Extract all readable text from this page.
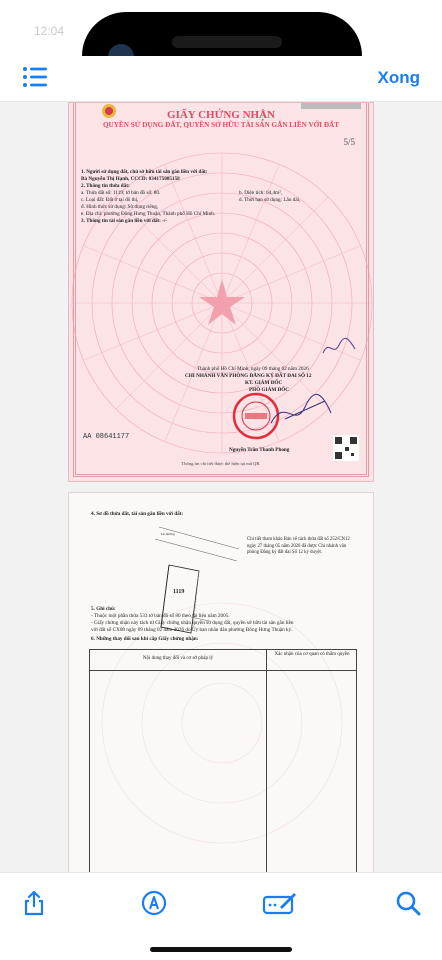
12:04
Xong
GIẤY CHỨNG NHẬN
QUYỀN SỬ DỤNG ĐẤT, QUYỀN SỞ HỮU TÀI SẢN GẮN LIỀN VỚI ĐẤT
5/5
1. Người sử dụng đất, chủ sở hữu tài sản gắn liền với đất:
Bà Nguyễn Thị Hạnh, CCCD: 034175005158
2. Thông tin thửa đất:
a. Thửa đất số: 1119; tờ bản đồ số: 80.	b. Diện tích: 64,4m²,
c. Loại đất: Đất ở tại đô thị,	d. Thời hạn sử dụng: Lâu dài,
đ. Hình thức sử dụng: Sử dụng riêng,
e. Địa chỉ: phường Đông Hưng Thuận, Thành phố Hồ Chí Minh.
3. Thông tin tài sản gắn liền với đất: -/-
Thành phố Hồ Chí Minh, ngày 09 tháng 02 năm 2026
CHI NHÁNH VĂN PHÒNG ĐĂNG KÝ ĐẤT ĐAI SỐ 12
KT. GIÁM ĐỐC
PHÓ GIÁM ĐỐC
Nguyễn Trần Thanh Phong
AA 08641177
Thông tin chi tiết được thể hiện tại mã QR.
4. Sơ đồ thửa đất, tài sản gắn liền với đất:
Lề đường
1119
Chi tiết tham khảo Bản vẽ tách thửa đất số 252/CN12 ngày 27 tháng 05 năm 2026 đã được Chi nhánh văn phòng Đăng ký đất đai Số 12 ký duyệt.
5. Ghi chú:
- Thuộc một phần thửa 533 tờ bản đồ số 80 theo tài liệu năm 2005.
- Giấy chứng nhận này tách từ Giấy chứng nhận quyền sử dụng đất, quyền sở hữu tài sản gắn liền
với đất số CX08 ngày 09 tháng 02 năm 2026 do Ủy ban nhân dân phường Đông Hưng Thuận ký.
6. Những thay đổi sau khi cấp Giấy chứng nhận:
Nội dung thay đổi và cơ sở pháp lý
Xác nhận của cơ quan có thẩm quyền
